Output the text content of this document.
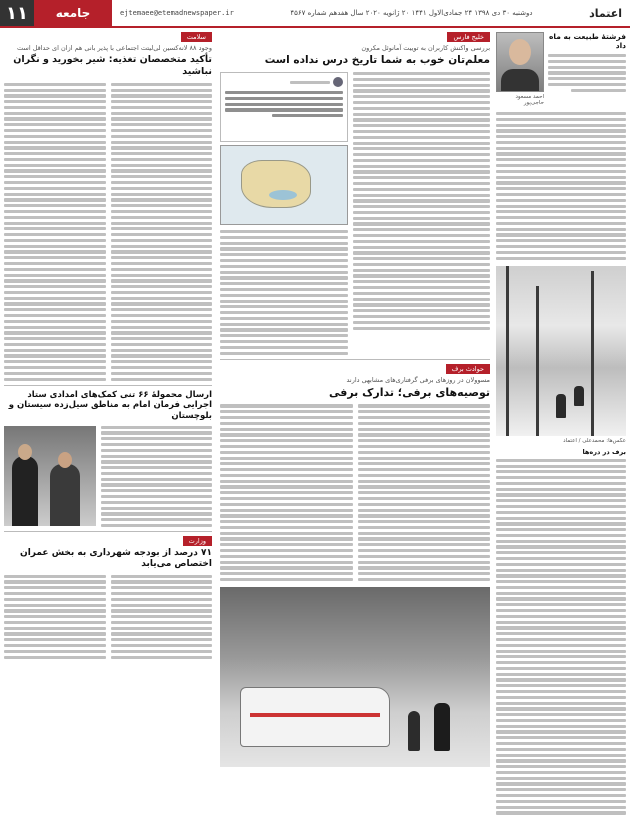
اعتماد
دوشنبه ۳۰ دی ۱۳۹۸ ۲۴ جمادی‌الاول ۱۴۴۱ ۲۰ ژانویه ۲۰۲۰ سال هفدهم شماره ۴۵۶۷
ejtemaee@etemadnewspaper.ir
جامعه
۱۱
فرشتهٔ طبیعت به ماه داد
احمد مسعود حاجی‌پور
عکس‌ها: محمدعلی / اعتماد
برف در دره‌ها
خلیج فارس
بررسی واکنش کاربران به توییت آمانوئل مکرون
معلم‌تان خوب به شما تاریخ درس نداده است
حوادث برف
مسوولان در روزهای برفی گرفتاری‌های مشابهی دارند
توصیه‌های برفی؛ تدارک برفی
سلامت
وجود ۸۸ لانه‌کسین لی‌لیتت اجتماعی با پذیر بانی هم ازان ای حداقل است
تأکید متخصصان تغذیه: شیر بخورید و نگران نباشید
ارسال محمولهٔ ۶۶ تنی کمک‌های امدادی ستاد اجرایی فرمان امام به مناطق سیل‌زده سیستان و بلوچستان
وزارت
۷۱ درصد از بودجه شهرداری به بخش عمران اختصاص می‌یابد
